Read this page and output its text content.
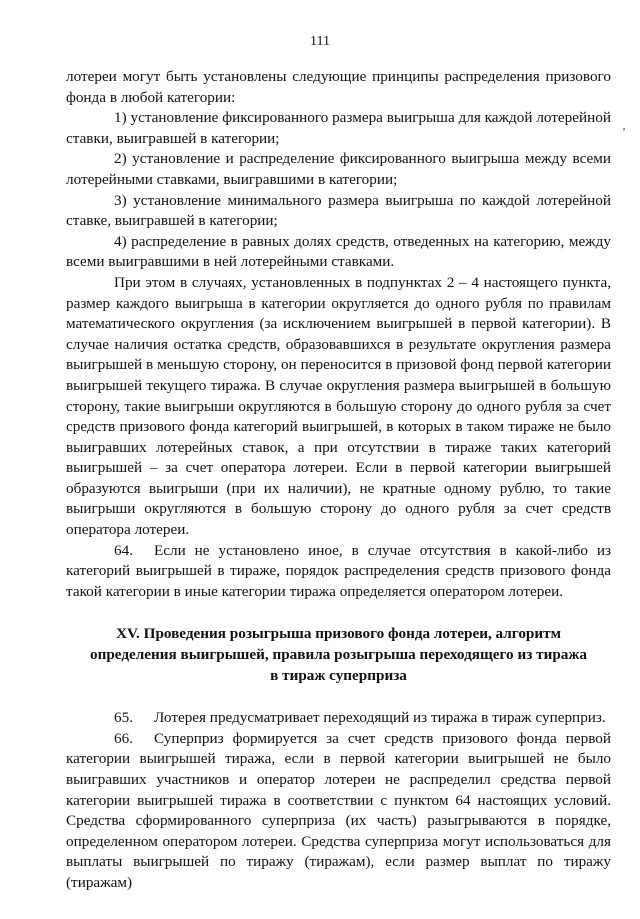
111
‚

лотереи могут быть установлены следующие принципы распределения призового фонда в любой категории:

1) установление фиксированного размера выигрыша для каждой лотерейной ставки, выигравшей в категории;

2) установление и распределение фиксированного выигрыша между всеми лотерейными ставками, выигравшими в категории;

3) установление минимального размера выигрыша по каждой лотерейной ставке, выигравшей в категории;

4) распределение в равных долях средств, отведенных на категорию, между всеми выигравшими в ней лотерейными ставками.

При этом в случаях, установленных в подпунктах 2 – 4 настоящего пункта, размер каждого выигрыша в категории округляется до одного рубля по правилам математического округления (за исключением выигрышей в первой категории). В случае наличия остатка средств, образовавшихся в результате округления размера выигрышей в меньшую сторону, он переносится в призовой фонд первой категории выигрышей текущего тиража. В случае округления размера выигрышей в большую сторону, такие выигрыши округляются в большую сторону до одного рубля за счет средств призового фонда категорий выигрышей, в которых в таком тираже не было выигравших лотерейных ставок, а при отсутствии в тираже таких категорий выигрышей – за счет оператора лотереи. Если в первой категории выигрышей образуются выигрыши (при их наличии), не кратные одному рублю, то такие выигрыши округляются в большую сторону до одного рубля за счет средств оператора лотереи.

64. Если не установлено иное, в случае отсутствия в какой-либо из категорий выигрышей в тираже, порядок распределения средств призового фонда такой категории в иные категории тиража определяется оператором лотереи.

XV. Проведения розыгрыша призового фонда лотереи, алгоритм
определения выигрышей, правила розыгрыша переходящего из тиража
в тираж суперприза

65. Лотерея предусматривает переходящий из тиража в тираж суперприз.

66. Суперприз формируется за счет средств призового фонда первой категории выигрышей тиража, если в первой категории выигрышей не было выигравших участников и оператор лотереи не распределил средства первой категории выигрышей тиража в соответствии с пунктом 64 настоящих условий. Средства сформированного суперприза (их часть) разыгрываются в порядке, определенном оператором лотереи. Средства суперприза могут использоваться для выплаты выигрышей по тиражу (тиражам), если размер выплат по тиражу (тиражам)
